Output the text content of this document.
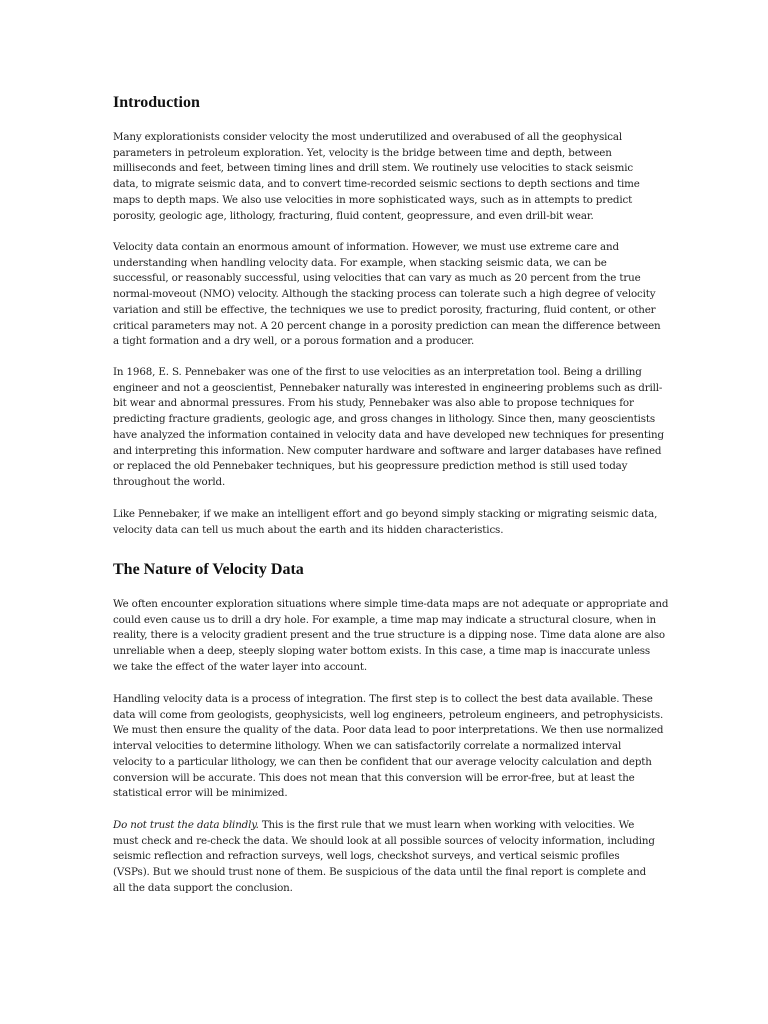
Introduction

Many explorationists consider velocity the most underutilized and overabused of all the geophysical
parameters in petroleum exploration. Yet, velocity is the bridge between time and depth, between
milliseconds and feet, between timing lines and drill stem. We routinely use velocities to stack seismic
data, to migrate seismic data, and to convert time-recorded seismic sections to depth sections and time
maps to depth maps. We also use velocities in more sophisticated ways, such as in attempts to predict
porosity, geologic age, lithology, fracturing, fluid content, geopressure, and even drill-bit wear.

Velocity data contain an enormous amount of information. However, we must use extreme care and
understanding when handling velocity data. For example, when stacking seismic data, we can be
successful, or reasonably successful, using velocities that can vary as much as 20 percent from the true
normal-moveout (NMO) velocity. Although the stacking process can tolerate such a high degree of velocity
variation and still be effective, the techniques we use to predict porosity, fracturing, fluid content, or other
critical parameters may not. A 20 percent change in a porosity prediction can mean the difference between
a tight formation and a dry well, or a porous formation and a producer.

In 1968, E. S. Pennebaker was one of the first to use velocities as an interpretation tool. Being a drilling
engineer and not a geoscientist, Pennebaker naturally was interested in engineering problems such as drill-
bit wear and abnormal pressures. From his study, Pennebaker was also able to propose techniques for
predicting fracture gradients, geologic age, and gross changes in lithology. Since then, many geoscientists
have analyzed the information contained in velocity data and have developed new techniques for presenting
and interpreting this information. New computer hardware and software and larger databases have refined
or replaced the old Pennebaker techniques, but his geopressure prediction method is still used today
throughout the world.

Like Pennebaker, if we make an intelligent effort and go beyond simply stacking or migrating seismic data,
velocity data can tell us much about the earth and its hidden characteristics.

The Nature of Velocity Data

We often encounter exploration situations where simple time-data maps are not adequate or appropriate and
could even cause us to drill a dry hole. For example, a time map may indicate a structural closure, when in
reality, there is a velocity gradient present and the true structure is a dipping nose. Time data alone are also
unreliable when a deep, steeply sloping water bottom exists. In this case, a time map is inaccurate unless
we take the effect of the water layer into account.

Handling velocity data is a process of integration. The first step is to collect the best data available. These
data will come from geologists, geophysicists, well log engineers, petroleum engineers, and petrophysicists.
We must then ensure the quality of the data. Poor data lead to poor interpretations. We then use normalized
interval velocities to determine lithology. When we can satisfactorily correlate a normalized interval
velocity to a particular lithology, we can then be confident that our average velocity calculation and depth
conversion will be accurate. This does not mean that this conversion will be error-free, but at least the
statistical error will be minimized.

Do not trust the data blindly. This is the first rule that we must learn when working with velocities. We
must check and re-check the data. We should look at all possible sources of velocity information, including
seismic reflection and refraction surveys, well logs, checkshot surveys, and vertical seismic profiles
(VSPs). But we should trust none of them. Be suspicious of the data until the final report is complete and
all the data support the conclusion.
